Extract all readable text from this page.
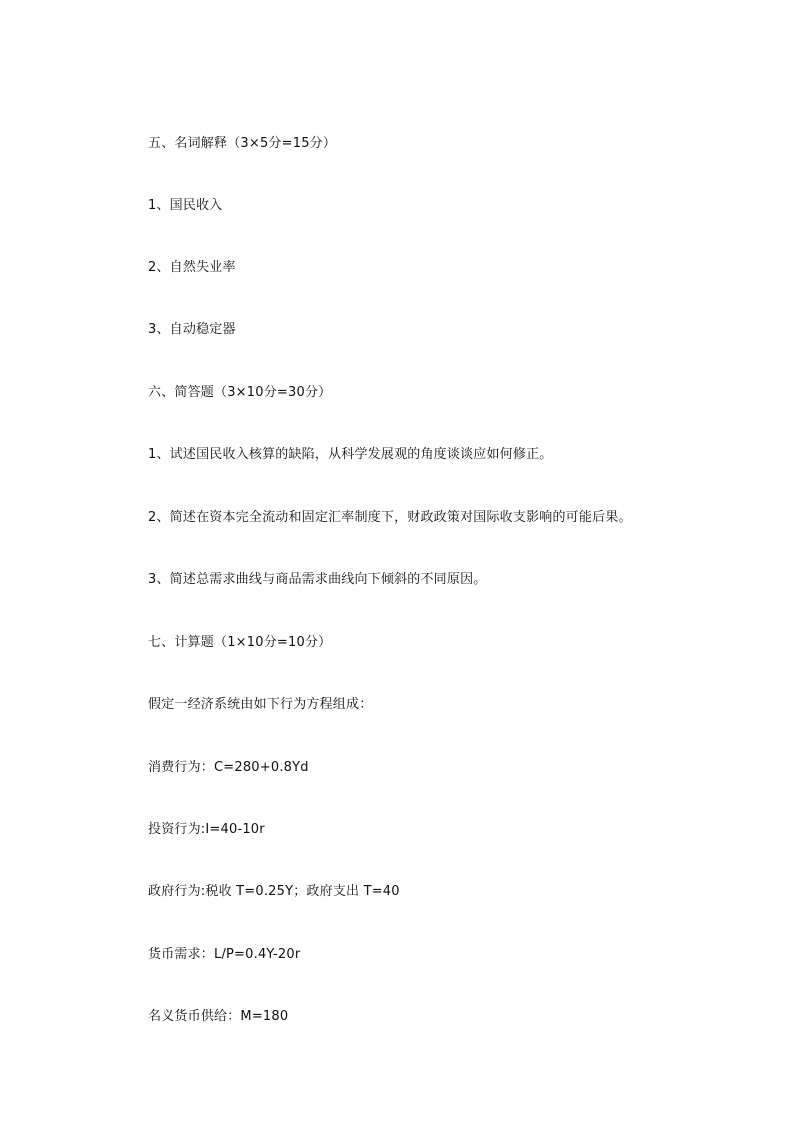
五、名词解释（3×5分=15分）
1、国民收入
2、自然失业率
3、自动稳定器
六、简答题（3×10分=30分）
1、试述国民收入核算的缺陷，从科学发展观的角度谈谈应如何修正。
2、简述在资本完全流动和固定汇率制度下，财政政策对国际收支影响的可能后果。
3、简述总需求曲线与商品需求曲线向下倾斜的不同原因。
七、计算题（1×10分=10分）
假定一经济系统由如下行为方程组成：
消费行为：C=280+0.8Yd
投资行为:I=40-10r
政府行为:税收 T=0.25Y；政府支出 T=40
货币需求：L/P=0.4Y-20r
名义货币供给：M=180
